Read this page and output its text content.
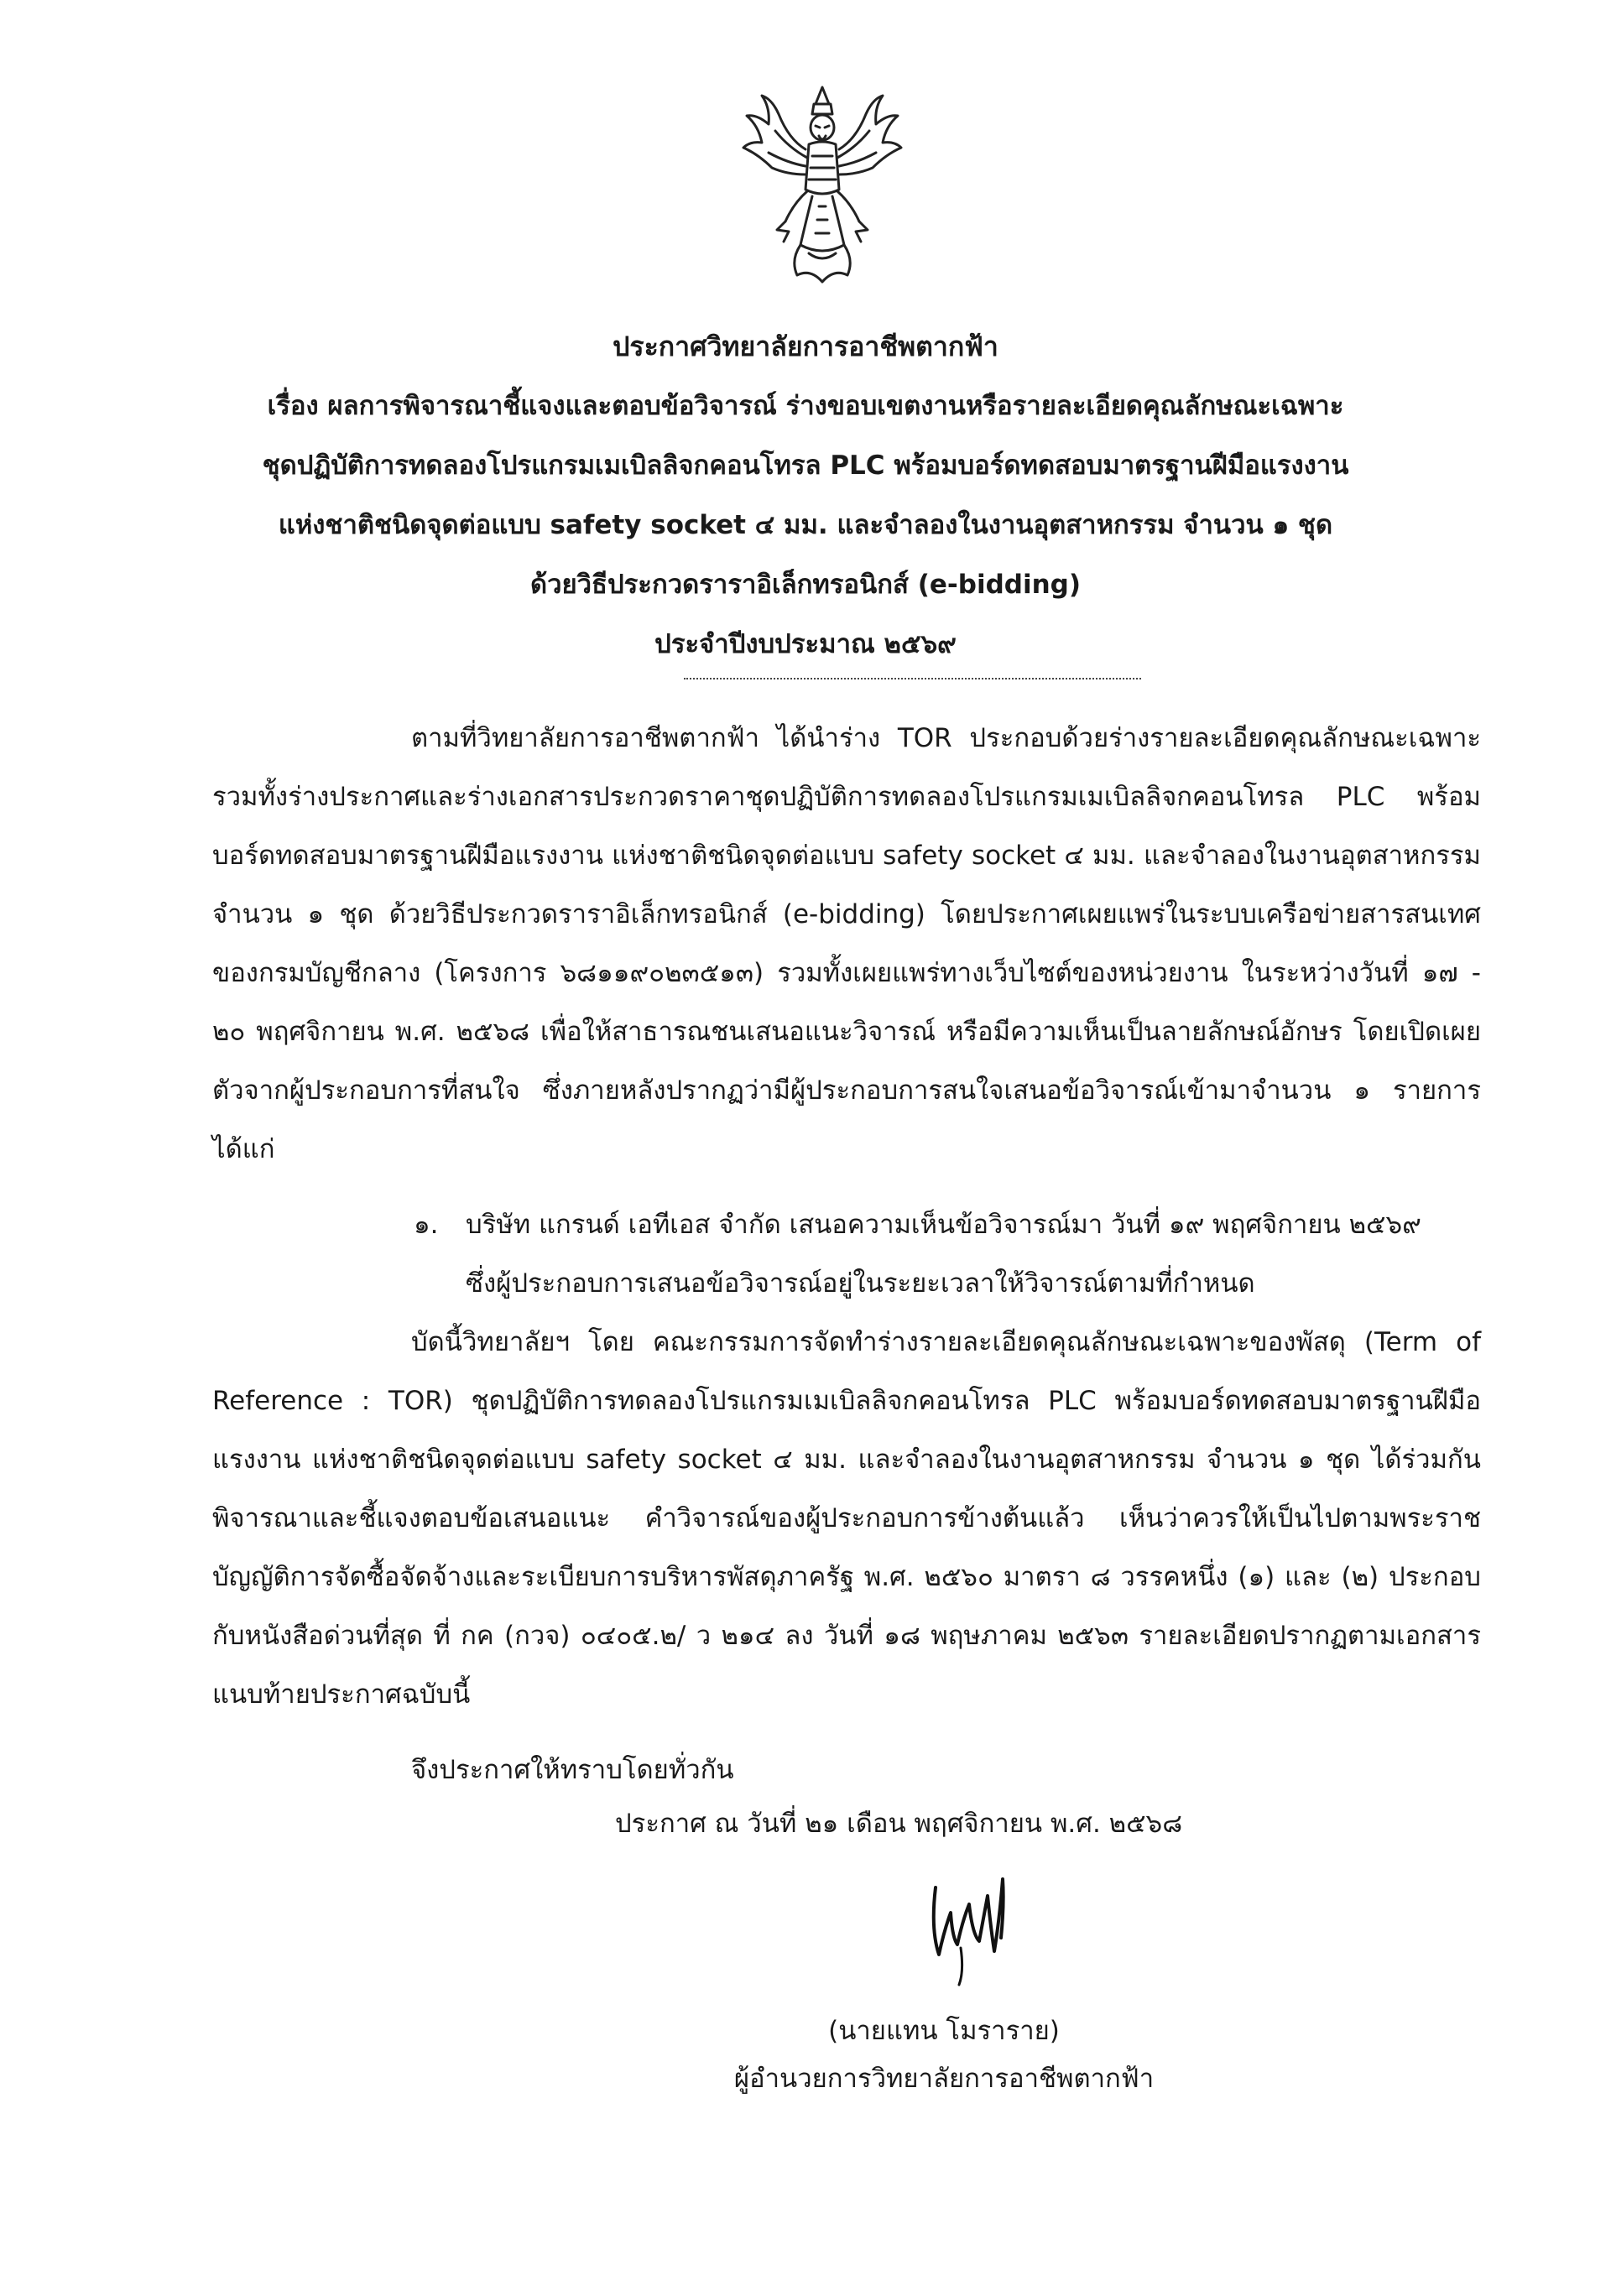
ประกาศวิทยาลัยการอาชีพตากฟ้า
เรื่อง ผลการพิจารณาชี้แจงและตอบข้อวิจารณ์ ร่างขอบเขตงานหรือรายละเอียดคุณลักษณะเฉพาะ
ชุดปฏิบัติการทดลองโปรแกรมเมเบิลลิจกคอนโทรล PLC พร้อมบอร์ดทดสอบมาตรฐานฝีมือแรงงาน
แห่งชาติชนิดจุดต่อแบบ safety socket ๔ มม. และจำลองในงานอุตสาหกรรม จำนวน ๑ ชุด
ด้วยวิธีประกวดราราอิเล็กทรอนิกส์ (e-bidding)
ประจำปีงบประมาณ ๒๕๖๙

ตามที่วิทยาลัยการอาชีพตากฟ้า ได้นำร่าง TOR ประกอบด้วยร่างรายละเอียดคุณลักษณะเฉพาะ รวมทั้งร่างประกาศและร่างเอกสารประกวดราคาชุดปฏิบัติการทดลองโปรแกรมเมเบิลลิจกคอนโทรล PLC พร้อมบอร์ดทดสอบมาตรฐานฝีมือแรงงาน แห่งชาติชนิดจุดต่อแบบ safety socket ๔ มม. และจำลองในงานอุตสาหกรรม จำนวน ๑ ชุด ด้วยวิธีประกวดราราอิเล็กทรอนิกส์ (e-bidding) โดยประกาศเผยแพร่ในระบบเครือข่ายสารสนเทศของกรมบัญชีกลาง (โครงการ ๖๘๑๑๙๐๒๓๕๑๓) รวมทั้งเผยแพร่ทางเว็บไซต์ของหน่วยงาน ในระหว่างวันที่ ๑๗ - ๒๐ พฤศจิกายน พ.ศ. ๒๕๖๘ เพื่อให้สาธารณชนเสนอแนะวิจารณ์ หรือมีความเห็นเป็นลายลักษณ์อักษร โดยเปิดเผยตัวจากผู้ประกอบการที่สนใจ ซึ่งภายหลังปรากฏว่ามีผู้ประกอบการสนใจเสนอข้อวิจารณ์เข้ามาจำนวน ๑ รายการ ได้แก่

๑.	บริษัท แกรนด์ เอทีเอส จำกัด เสนอความเห็นข้อวิจารณ์มา วันที่ ๑๙ พฤศจิกายน ๒๕๖๙

ซึ่งผู้ประกอบการเสนอข้อวิจารณ์อยู่ในระยะเวลาให้วิจารณ์ตามที่กำหนด

บัดนี้วิทยาลัยฯ โดย คณะกรรมการจัดทำร่างรายละเอียดคุณลักษณะเฉพาะของพัสดุ (Term of Reference : TOR) ชุดปฏิบัติการทดลองโปรแกรมเมเบิลลิจกคอนโทรล PLC พร้อมบอร์ดทดสอบมาตรฐานฝีมือแรงงาน แห่งชาติชนิดจุดต่อแบบ safety socket ๔ มม. และจำลองในงานอุตสาหกรรม จำนวน ๑ ชุด ได้ร่วมกันพิจารณาและชี้แจงตอบข้อเสนอแนะ คำวิจารณ์ของผู้ประกอบการข้างต้นแล้ว เห็นว่าควรให้เป็นไปตามพระราชบัญญัติการจัดซื้อจัดจ้างและระเบียบการบริหารพัสดุภาครัฐ พ.ศ. ๒๕๖๐ มาตรา ๘ วรรคหนึ่ง (๑) และ (๒) ประกอบกับหนังสือด่วนที่สุด ที่ กค (กวจ) ๐๔๐๕.๒/ ว ๒๑๔ ลง วันที่ ๑๘ พฤษภาคม ๒๕๖๓ รายละเอียดปรากฏตามเอกสารแนบท้ายประกาศฉบับนี้

จึงประกาศให้ทราบโดยทั่วกัน

ประกาศ ณ วันที่ ๒๑ เดือน พฤศจิกายน พ.ศ. ๒๕๖๘
(นายแทน โมราราย)
ผู้อำนวยการวิทยาลัยการอาชีพตากฟ้า
